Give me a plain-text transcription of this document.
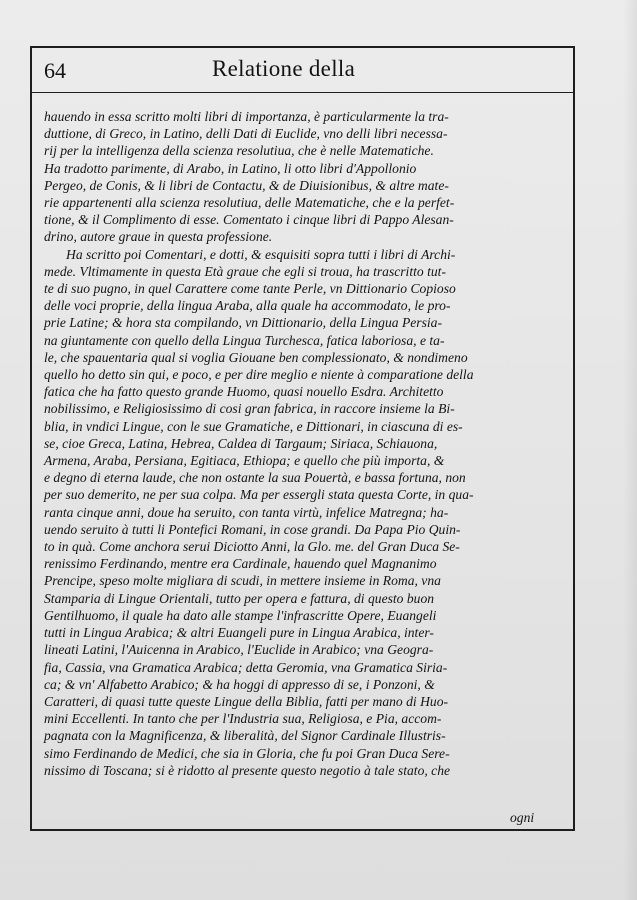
64	Relatione della
hauendo in essa scritto molti libri di importanza, è particularmente la tra-
duttione, di Greco, in Latino, delli Dati di Euclide, vno delli libri necessa-
rij per la intelligenza della scienza resolutiua, che è nelle Matematiche.
Ha tradotto parimente, di Arabo, in Latino, li otto libri d'Appollonio
Pergeo, de Conis, & li libri de Contactu, & de Diuisionibus, & altre mate-
rie appartenenti alla scienza resolutiua, delle Matematiche, che e la perfet-
tione, & il Complimento di esse. Comentato i cinque libri di Pappo Alesan-
drino, autore graue in questa professione.
Ha scritto poi Comentari, e dotti, & esquisiti sopra tutti i libri di Archi-
mede. Vltimamente in questa Età graue che egli si troua, ha trascritto tut-
te di suo pugno, in quel Carattere come tante Perle, vn Dittionario Copioso
delle voci proprie, della lingua Araba, alla quale ha accommodato, le pro-
prie Latine; & hora sta compilando, vn Dittionario, della Lingua Persia-
na giuntamente con quello della Lingua Turchesca, fatica laboriosa, e ta-
le, che spauentaria qual si voglia Giouane ben complessionato, & nondimeno
quello ho detto sin qui, e poco, e per dire meglio e niente à comparatione della
fatica che ha fatto questo grande Huomo, quasi nouello Esdra. Architetto
nobilissimo, e Religiosissimo di cosi gran fabrica, in raccore insieme la Bi-
blia, in vndici Lingue, con le sue Gramatiche, e Dittionari, in ciascuna di es-
se, cioe Greca, Latina, Hebrea, Caldea di Targaum; Siriaca, Schiauona,
Armena, Araba, Persiana, Egitiaca, Ethiopa; e quello che più importa, &
e degno di eterna laude, che non ostante la sua Pouertà, e bassa fortuna, non
per suo demerito, ne per sua colpa. Ma per essergli stata questa Corte, in qua-
ranta cinque anni, doue ha seruito, con tanta virtù, infelice Matregna; ha-
uendo seruito à tutti li Pontefici Romani, in cose grandi. Da Papa Pio Quin-
to in quà. Come anchora serui Diciotto Anni, la Glo. me. del Gran Duca Se-
renissimo Ferdinando, mentre era Cardinale, hauendo quel Magnanimo
Prencipe, speso molte migliara di scudi, in mettere insieme in Roma, vna
Stamparia di Lingue Orientali, tutto per opera e fattura, di questo buon
Gentilhuomo, il quale ha dato alle stampe l'infrascritte Opere, Euangeli
tutti in Lingua Arabica; & altri Euangeli pure in Lingua Arabica, inter-
lineati Latini, l'Auicenna in Arabico, l'Euclide in Arabico; vna Geogra-
fia, Cassia, vna Gramatica Arabica; detta Geromia, vna Gramatica Siria-
ca; & vn' Alfabetto Arabico; & ha hoggi di appresso di se, i Ponzoni, &
Caratteri, di quasi tutte queste Lingue della Biblia, fatti per mano di Huo-
mini Eccellenti. In tanto che per l'Industria sua, Religiosa, e Pia, accom-
pagnata con la Magnificenza, & liberalità, del Signor Cardinale Illustris-
simo Ferdinando de Medici, che sia in Gloria, che fu poi Gran Duca Sere-
nissimo di Toscana; si è ridotto al presente questo negotio à tale stato, che
ogni
